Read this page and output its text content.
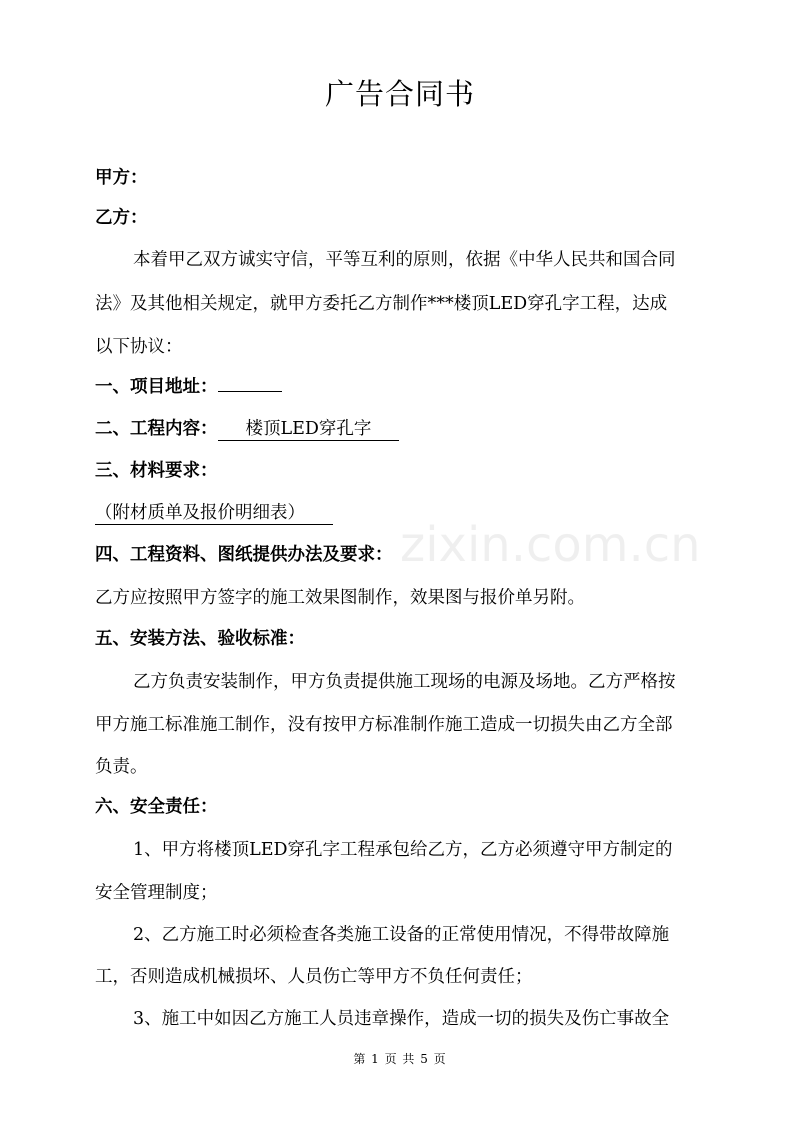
广告合同书
甲方：
乙方：
本着甲乙双方诚实守信，平等互利的原则，依据《中华人民共和国合同
法》及其他相关规定，就甲方委托乙方制作***楼顶LED穿孔字工程，达成
以下协议：
一、项目地址：
二、工程内容： 楼顶LED穿孔字
三、材料要求：
（附材质单及报价明细表）
四、工程资料、图纸提供办法及要求：
乙方应按照甲方签字的施工效果图制作，效果图与报价单另附。
五、安装方法、验收标准：
乙方负责安装制作，甲方负责提供施工现场的电源及场地。乙方严格按
甲方施工标准施工制作，没有按甲方标准制作施工造成一切损失由乙方全部
负责。
六、安全责任：
1、甲方将楼顶LED穿孔字工程承包给乙方，乙方必须遵守甲方制定的
安全管理制度；
2、乙方施工时必须检查各类施工设备的正常使用情况，不得带故障施
工，否则造成机械损坏、人员伤亡等甲方不负任何责任；
3、施工中如因乙方施工人员违章操作，造成一切的损失及伤亡事故全
第 1 页 共 5 页
zixin.com.cn
